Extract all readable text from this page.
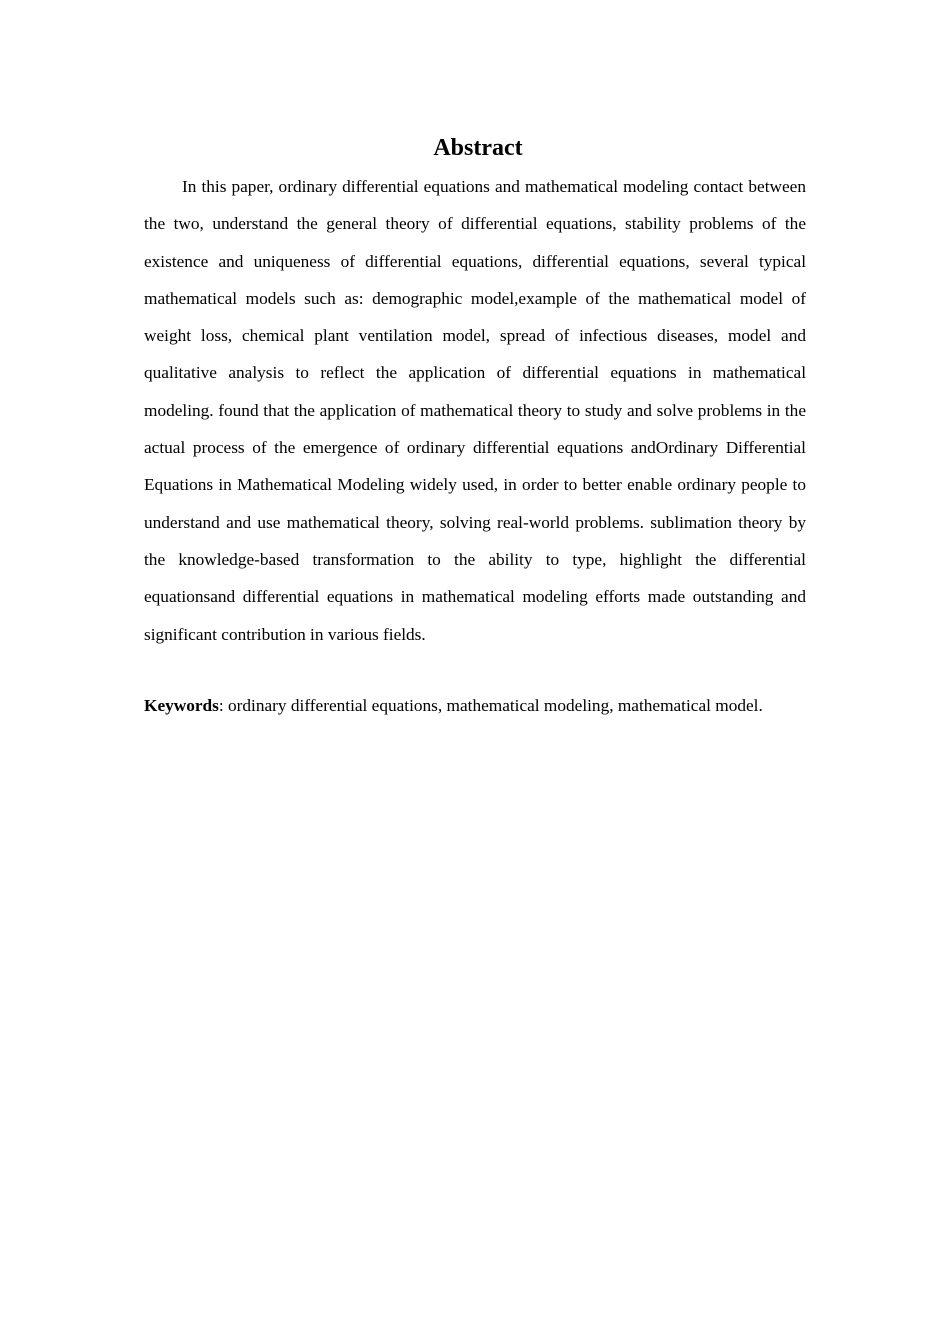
Abstract

In this paper, ordinary differential equations and mathematical modeling contact between the two, understand the general theory of differential equations, stability problems of the existence and uniqueness of differential equations, differential equations, several typical mathematical models such as: demographic model,example of the mathematical model of weight loss, chemical plant ventilation model, spread of infectious diseases, model and qualitative analysis to reflect the application of differential equations in mathematical modeling. found that the application of mathematical theory to study and solve problems in the actual process of the emergence of ordinary differential equations andOrdinary Differential Equations in Mathematical Modeling widely used, in order to better enable ordinary people to understand and use mathematical theory, solving real-world problems. sublimation theory by the knowledge-based transformation to the ability to type, highlight the differential equationsand differential equations in mathematical modeling efforts made outstanding and significant contribution in various fields.

Keywords: ordinary differential equations, mathematical modeling, mathematical model.
